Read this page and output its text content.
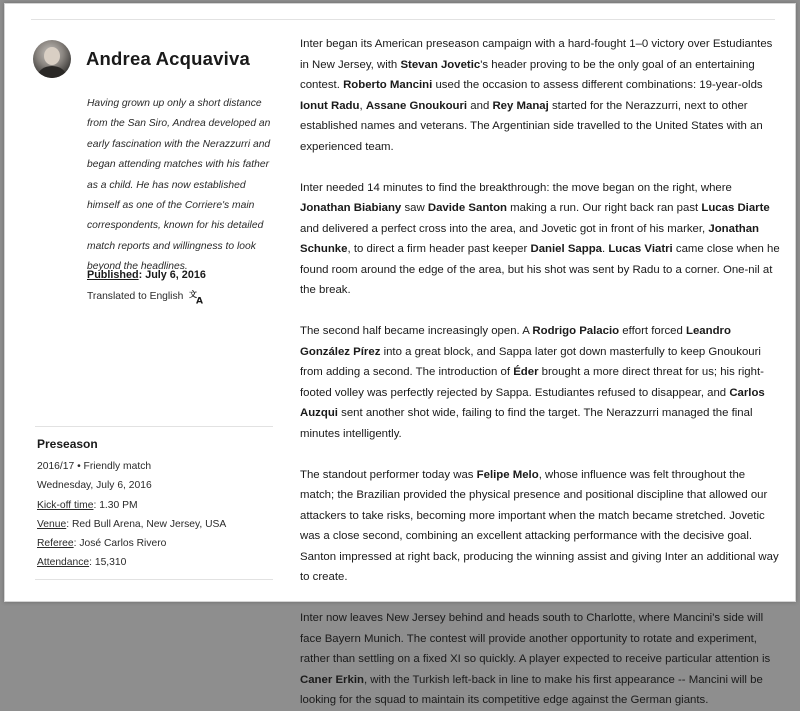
Andrea Acquaviva
Having grown up only a short distance from the San Siro, Andrea developed an early fascination with the Nerazzurri and began attending matches with his father as a child. He has now established himself as one of the Corriere's main correspondents, known for his detailed match reports and willingness to look beyond the headlines.
Published: July 6, 2016
Translated to English 文
A
Preseason
2016/17 • Friendly match
Wednesday, July 6, 2016
Kick-off time: 1.30 PM
Venue: Red Bull Arena, New Jersey, USA
Referee: José Carlos Rivero
Attendance: 15,310

Inter began its American preseason campaign with a hard-fought 1–0 victory over Estudiantes in New Jersey, with Stevan Jovetic's header proving to be the only goal of an entertaining contest. Roberto Mancini used the occasion to assess different combinations: 19-year-olds Ionut Radu, Assane Gnoukouri and Rey Manaj started for the Nerazzurri, next to other established names and veterans. The Argentinian side travelled to the United States with an experienced team.

Inter needed 14 minutes to find the breakthrough: the move began on the right, where Jonathan Biabiany saw Davide Santon making a run. Our right back ran past Lucas Diarte and delivered a perfect cross into the area, and Jovetic got in front of his marker, Jonathan Schunke, to direct a firm header past keeper Daniel Sappa. Lucas Viatri came close when he found room around the edge of the area, but his shot was sent by Radu to a corner. One-nil at the break.

The second half became increasingly open. A Rodrigo Palacio effort forced Leandro González Pírez into a great block, and Sappa later got down masterfully to keep Gnoukouri from adding a second. The introduction of Éder brought a more direct threat for us; his right-footed volley was perfectly rejected by Sappa. Estudiantes refused to disappear, and Carlos Auzqui sent another shot wide, failing to find the target. The Nerazzurri managed the final minutes intelligently.

The standout performer today was Felipe Melo, whose influence was felt throughout the match; the Brazilian provided the physical presence and positional discipline that allowed our attackers to take risks, becoming more important when the match became stretched. Jovetic was a close second, combining an excellent attacking performance with the decisive goal. Santon impressed at right back, producing the winning assist and giving Inter an additional way to create.

Inter now leaves New Jersey behind and heads south to Charlotte, where Mancini's side will face Bayern Munich. The contest will provide another opportunity to rotate and experiment, rather than settling on a fixed XI so quickly. A player expected to receive particular attention is Caner Erkin, with the Turkish left-back in line to make his first appearance -- Mancini will be looking for the squad to maintain its competitive edge against the German giants.
